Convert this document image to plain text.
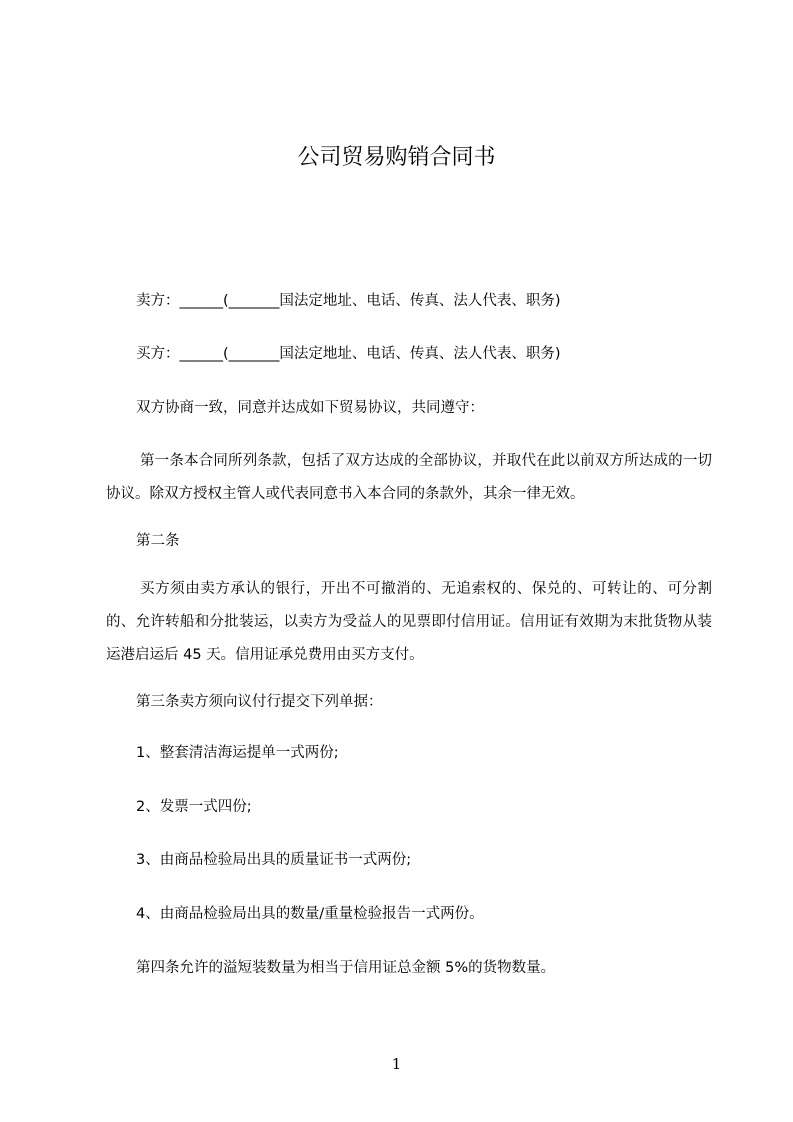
公司贸易购销合同书

卖方：______(_______国法定地址、电话、传真、法人代表、职务)

买方：______(_______国法定地址、电话、传真、法人代表、职务)

双方协商一致，同意并达成如下贸易协议，共同遵守：

第一条本合同所列条款，包括了双方达成的全部协议，并取代在此以前双方所达成的一切协议。除双方授权主管人或代表同意书入本合同的条款外，其余一律无效。

第二条

买方须由卖方承认的银行，开出不可撤消的、无追索权的、保兑的、可转让的、可分割的、允许转船和分批装运，以卖方为受益人的见票即付信用证。信用证有效期为末批货物从装运港启运后 45 天。信用证承兑费用由买方支付。

第三条卖方须向议付行提交下列单据：

1、整套清洁海运提单一式两份;

2、发票一式四份;

3、由商品检验局出具的质量证书一式两份;

4、由商品检验局出具的数量/重量检验报告一式两份。

第四条允许的溢短装数量为相当于信用证总金额 5%的货物数量。

1
